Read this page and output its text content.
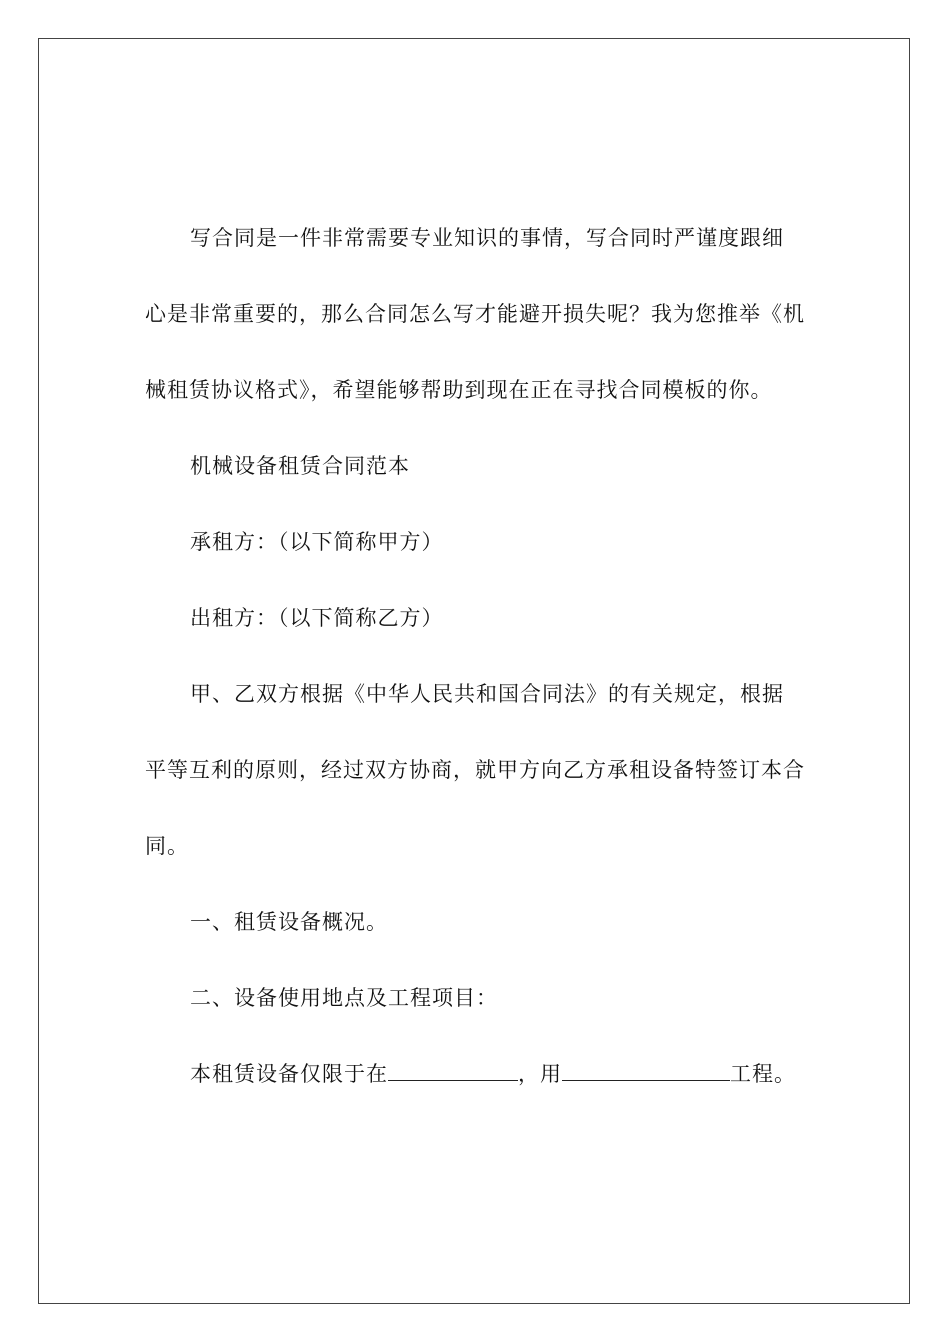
写合同是一件非常需要专业知识的事情，写合同时严谨度跟细心是非常重要的，那么合同怎么写才能避开损失呢？我为您推举《机械租赁协议格式》，希望能够帮助到现在正在寻找合同模板的你。

机械设备租赁合同范本

承租方：（以下简称甲方）

出租方：（以下简称乙方）

甲、乙双方根据《中华人民共和国合同法》的有关规定，根据平等互利的原则，经过双方协商，就甲方向乙方承租设备特签订本合同。

一、租赁设备概况。

二、设备使用地点及工程项目：

本租赁设备仅限于在	，用	工程。
